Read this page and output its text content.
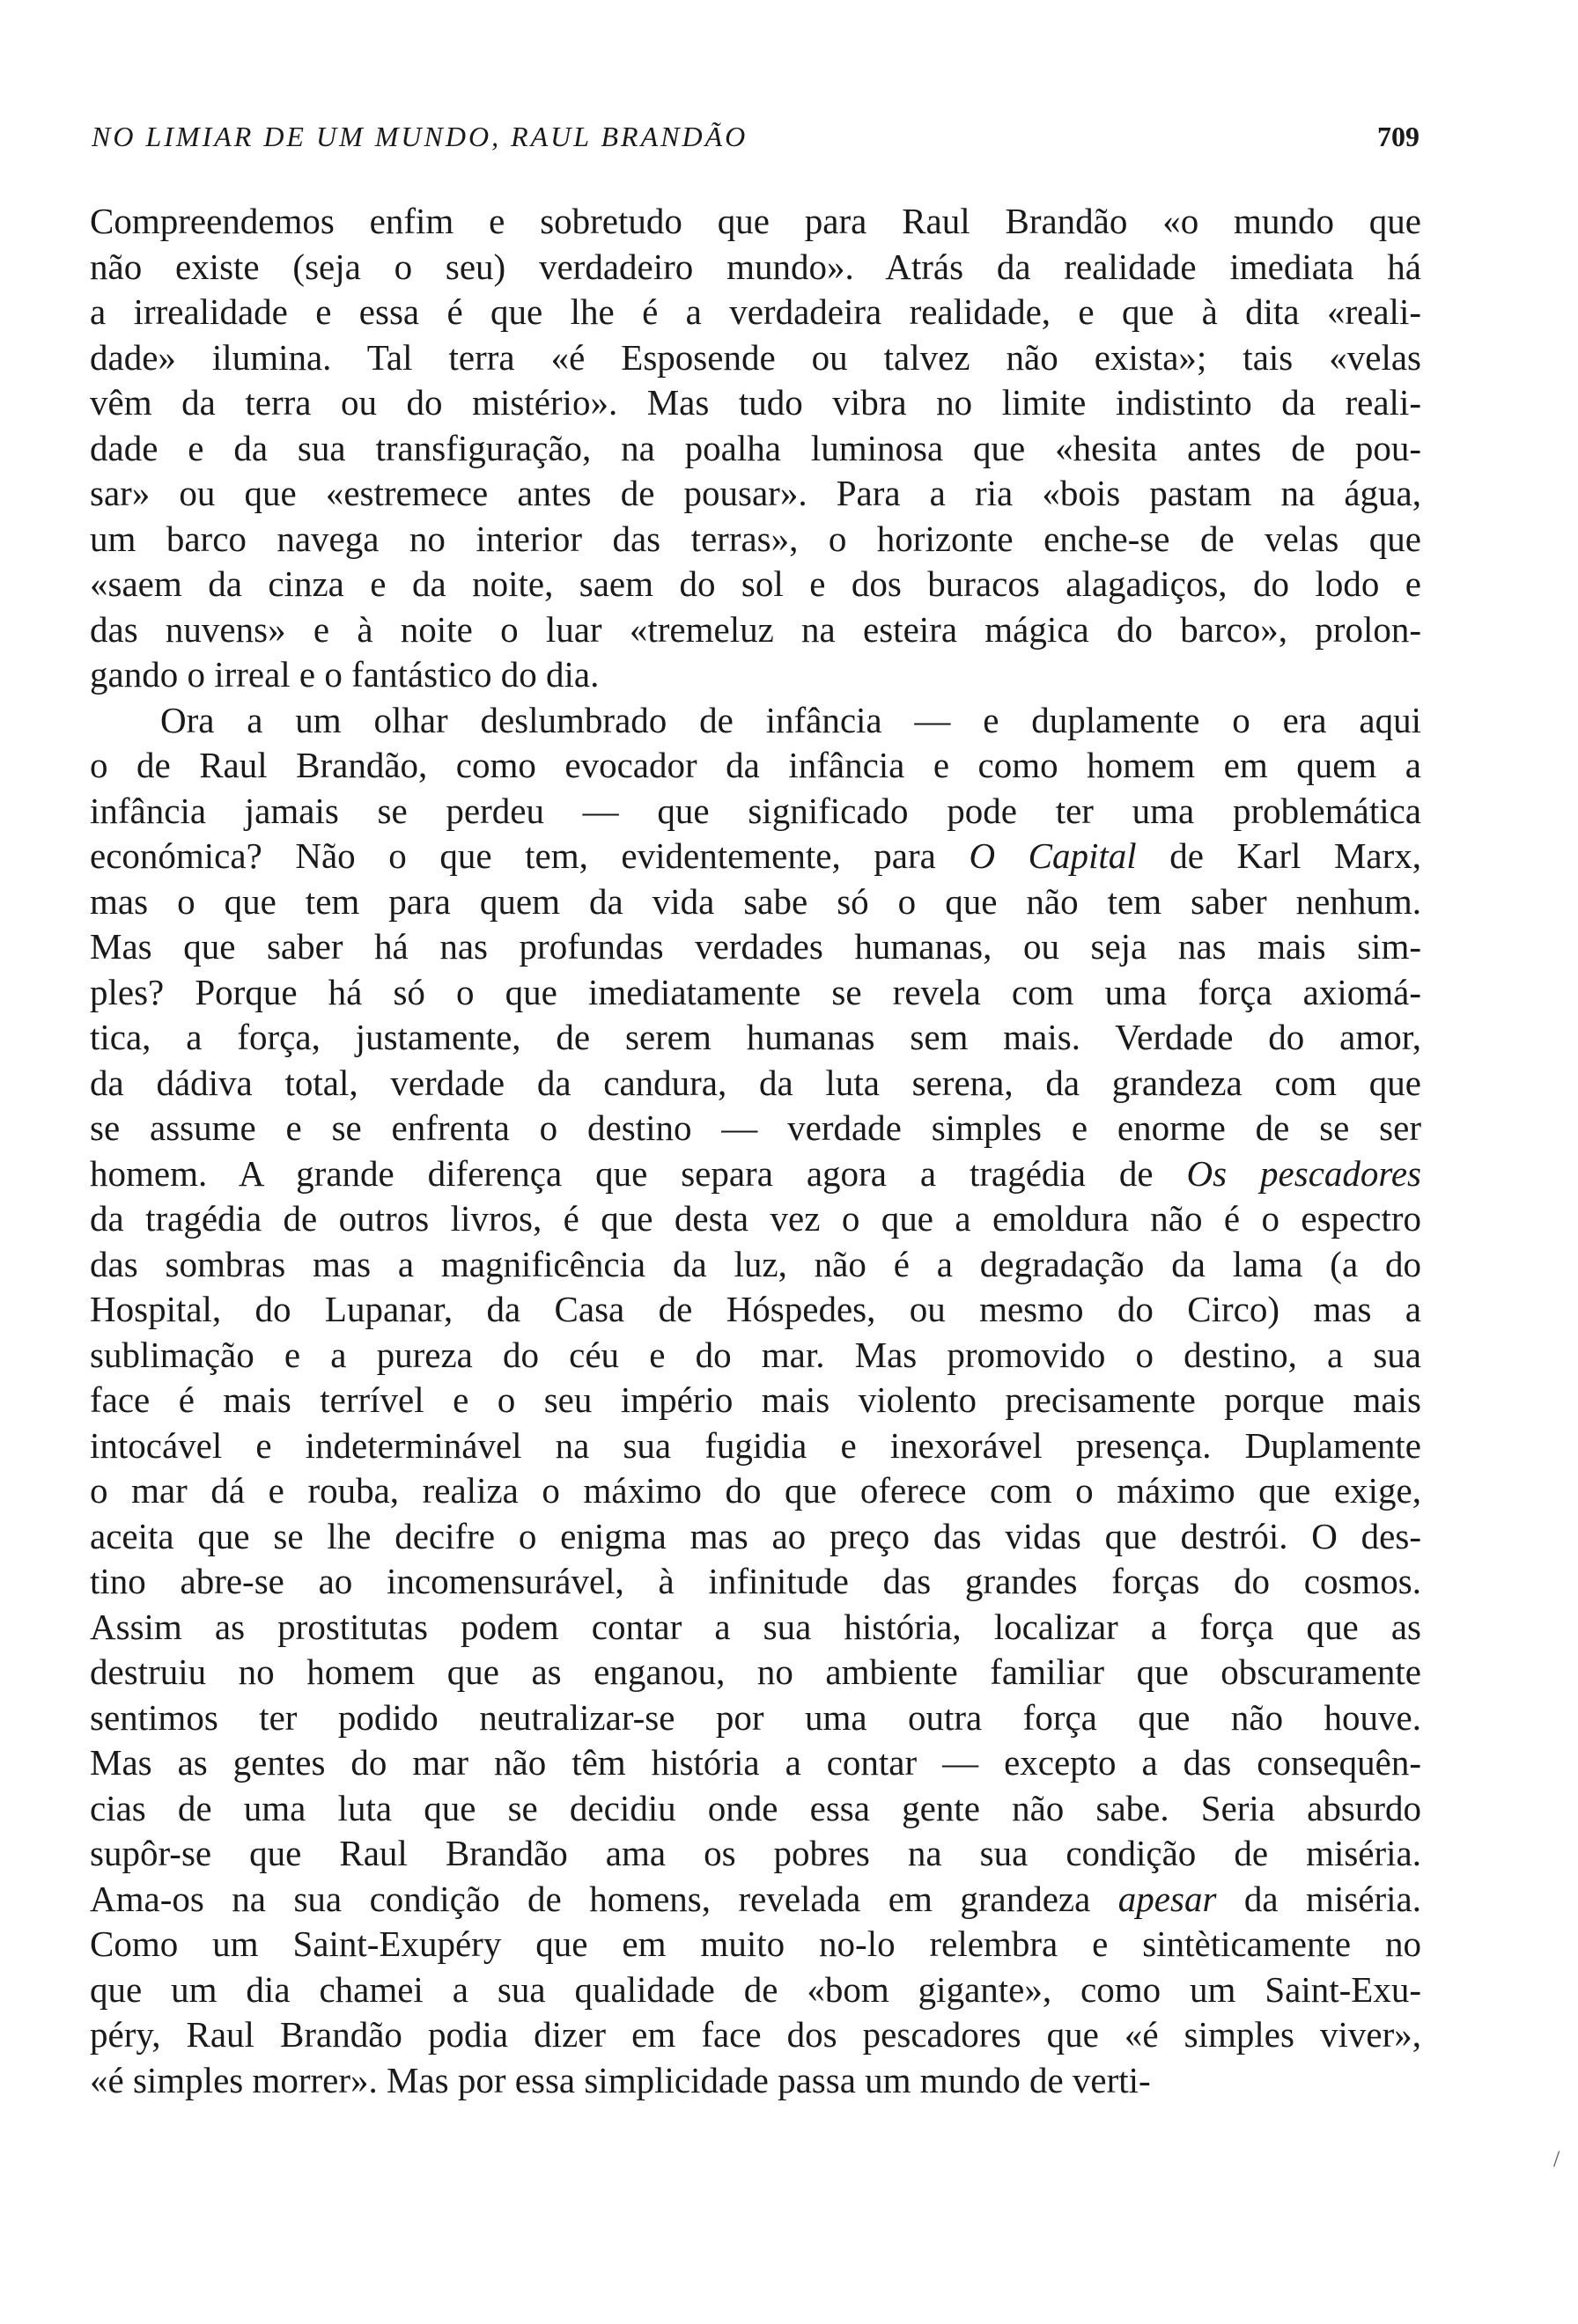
NO LIMIAR DE UM MUNDO, RAUL BRANDÃO	709
Compreendemos enfim e sobretudo que para Raul Brandão «o mundo que
não existe (seja o seu) verdadeiro mundo». Atrás da realidade imediata há
a irrealidade e essa é que lhe é a verdadeira realidade, e que à dita «reali-
dade» ilumina. Tal terra «é Esposende ou talvez não exista»; tais «velas
vêm da terra ou do mistério». Mas tudo vibra no limite indistinto da reali-
dade e da sua transfiguração, na poalha luminosa que «hesita antes de pou-
sar» ou que «estremece antes de pousar». Para a ria «bois pastam na água,
um barco navega no interior das terras», o horizonte enche-se de velas que
«saem da cinza e da noite, saem do sol e dos buracos alagadiços, do lodo e
das nuvens» e à noite o luar «tremeluz na esteira mágica do barco», prolon-
gando o irreal e o fantástico do dia.
Ora a um olhar deslumbrado de infância — e duplamente o era aqui
o de Raul Brandão, como evocador da infância e como homem em quem a
infância jamais se perdeu — que significado pode ter uma problemática
económica? Não o que tem, evidentemente, para O Capital de Karl Marx,
mas o que tem para quem da vida sabe só o que não tem saber nenhum.
Mas que saber há nas profundas verdades humanas, ou seja nas mais sim-
ples? Porque há só o que imediatamente se revela com uma força axiomá-
tica, a força, justamente, de serem humanas sem mais. Verdade do amor,
da dádiva total, verdade da candura, da luta serena, da grandeza com que
se assume e se enfrenta o destino — verdade simples e enorme de se ser
homem. A grande diferença que separa agora a tragédia de Os pescadores
da tragédia de outros livros, é que desta vez o que a emoldura não é o espectro
das sombras mas a magnificência da luz, não é a degradação da lama (a do
Hospital, do Lupanar, da Casa de Hóspedes, ou mesmo do Circo) mas a
sublimação e a pureza do céu e do mar. Mas promovido o destino, a sua
face é mais terrível e o seu império mais violento precisamente porque mais
intocável e indeterminável na sua fugidia e inexorável presença. Duplamente
o mar dá e rouba, realiza o máximo do que oferece com o máximo que exige,
aceita que se lhe decifre o enigma mas ao preço das vidas que destrói. O des-
tino abre-se ao incomensurável, à infinitude das grandes forças do cosmos.
Assim as prostitutas podem contar a sua história, localizar a força que as
destruiu no homem que as enganou, no ambiente familiar que obscuramente
sentimos ter podido neutralizar-se por uma outra força que não houve.
Mas as gentes do mar não têm história a contar — excepto a das consequên-
cias de uma luta que se decidiu onde essa gente não sabe. Seria absurdo
supôr-se que Raul Brandão ama os pobres na sua condição de miséria.
Ama-os na sua condição de homens, revelada em grandeza apesar da miséria.
Como um Saint-Exupéry que em muito no-lo relembra e sintèticamente no
que um dia chamei a sua qualidade de «bom gigante», como um Saint-Exu-
péry, Raul Brandão podia dizer em face dos pescadores que «é simples viver»,
«é simples morrer». Mas por essa simplicidade passa um mundo de verti-
/
